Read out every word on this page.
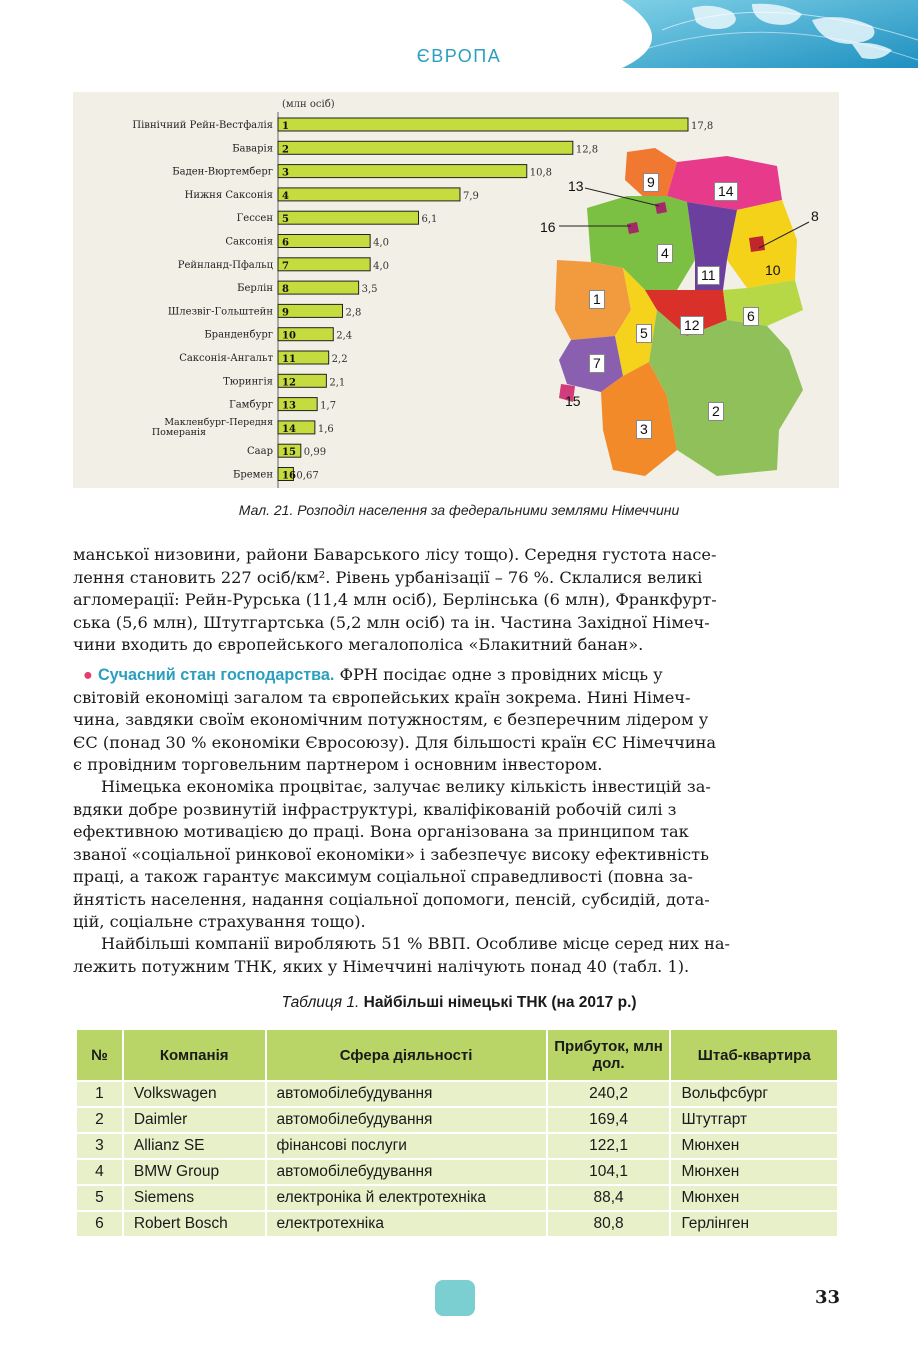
ЄВРОПА
(млн осіб)
1	17,8
Північний Рейн-Вестфалія
2	12,8
Баварія
3	10,8
Баден-Вюртемберг
4	7,9
Нижня Саксонія
5	6,1
Гессен
6	4,0
Саксонія
7	4,0
Рейнланд-Пфальц
8	3,5
Берлін
9	2,8
Шлезвіг-Гольштейн
10	2,4
Бранденбург
11	2,2
Саксонія-Ангальт
12	2,1
Тюрингія
13 1,7
Гамбург
14 1,6
Макленбург-Передня
Померанія
15 0,99
Саар
16 0,67
Бремен
1
2
3
4
5
6
7
8
9
10
11
12
13	14
15
16
Мал. 21. Розподіл населення за федеральними землями Німеччини
манської низовини, райони Баварського лісу тощо). Середня густота насе-
лення становить 227 осіб/км². Рівень урбанізації – 76 %. Склалися великі
агломерації: Рейн-Рурська (11,4 млн осіб), Берлінська (6 млн), Франкфурт-
ська (5,6 млн), Штутгартська (5,2 млн осіб) та ін. Частина Західної Німеч-
чини входить до європейського мегалополіса «Блакитний банан».
● Сучасний стан господарства. ФРН посідає одне з провідних місць у
світовій економіці загалом та європейських країн зокрема. Нині Німеч-
чина, завдяки своїм економічним потужностям, є безперечним лідером у
ЄС (понад 30 % економіки Євросоюзу). Для більшості країн ЄС Німеччина
є провідним торговельним партнером і основним інвестором.
Німецька економіка процвітає, залучає велику кількість інвестицій за-
вдяки добре розвинутій інфраструктурі, кваліфікованій робочій силі з
ефективною мотивацією до праці. Вона організована за принципом так
званої «соціальної ринкової економіки» і забезпечує високу ефективність
праці, а також гарантує максимум соціальної справедливості (повна за-
йнятість населення, надання соціальної допомоги, пенсій, субсидій, дота-
цій, соціальне страхування тощо).
Найбільші компанії виробляють 51 % ВВП. Особливе місце серед них на-
лежить потужним ТНК, яких у Німеччині налічують понад 40 (табл. 1).
Таблиця 1. Найбільші німецькі ТНК (на 2017 р.)
№	Компанія	Сфера діяльності	Прибуток, млн дол.	Штаб-квартира
1	Volkswagen	автомобілебудування	240,2	Вольфсбург
2	Daimler	автомобілебудування	169,4	Штутгарт
3	Allianz SE	фінансові послуги	122,1	Мюнхен
4	BMW Group	автомобілебудування	104,1	Мюнхен
5	Siemens	електроніка й електротехніка	88,4	Мюнхен
6	Robert Bosch	електротехніка	80,8	Герлінген
33
